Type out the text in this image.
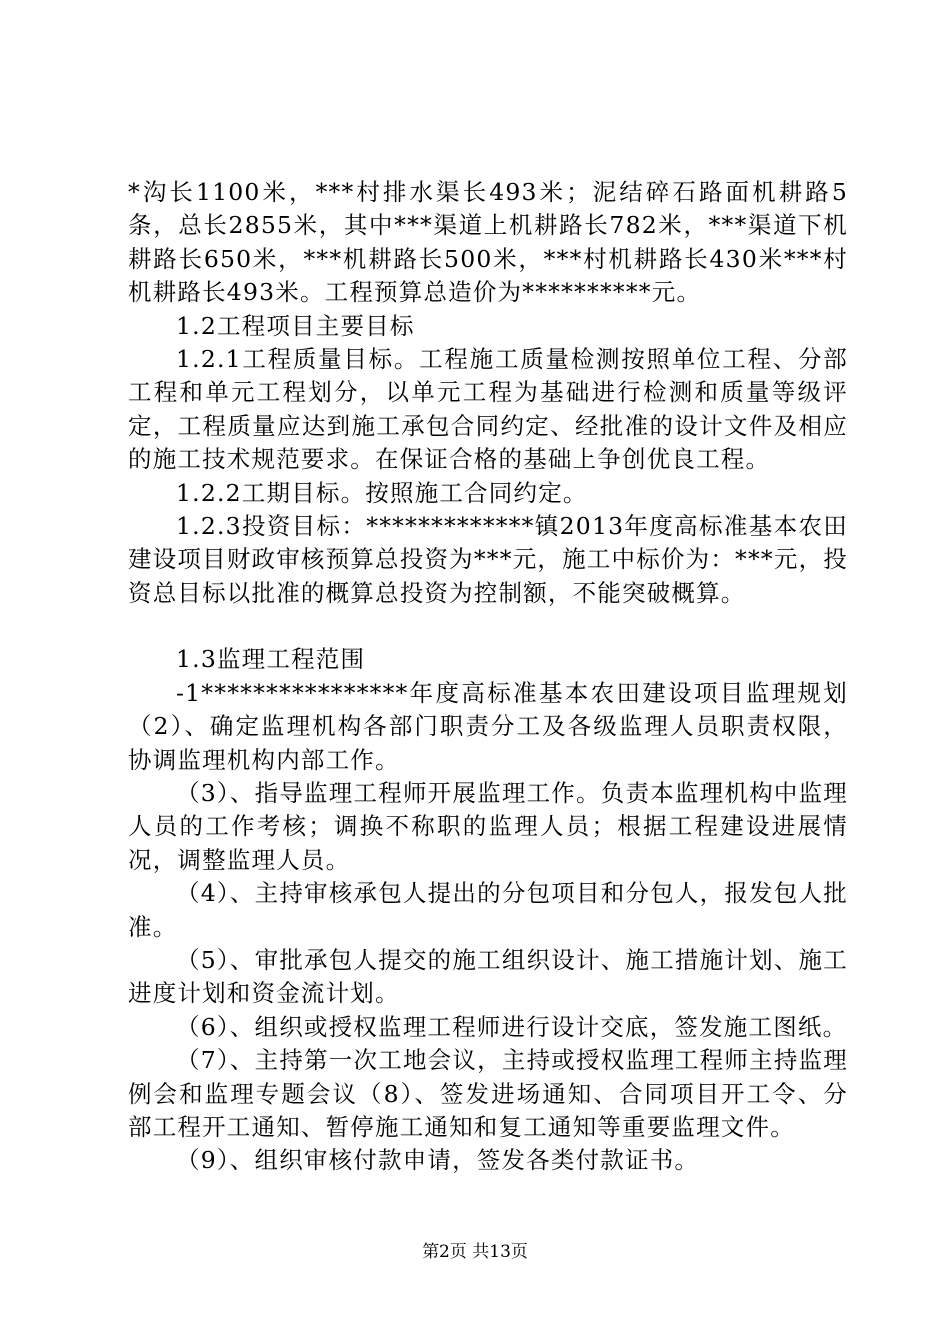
*沟长1100米，***村排水渠长493米；泥结碎石路面机耕路5条，总长2855米，其中***渠道上机耕路长782米，***渠道下机耕路长650米，***机耕路长500米，***村机耕路长430米***村机耕路长493米。工程预算总造价为**********元。

1.2工程项目主要目标

1.2.1工程质量目标。工程施工质量检测按照单位工程、分部工程和单元工程划分，以单元工程为基础进行检测和质量等级评定，工程质量应达到施工承包合同约定、经批准的设计文件及相应的施工技术规范要求。在保证合格的基础上争创优良工程。

1.2.2工期目标。按照施工合同约定。

1.2.3投资目标：*************镇2013年度高标准基本农田建设项目财政审核预算总投资为***元，施工中标价为：***元，投资总目标以批准的概算总投资为控制额，不能突破概算。

1.3监理工程范围

-1****************年度高标准基本农田建设项目监理规划（2）、确定监理机构各部门职责分工及各级监理人员职责权限，协调监理机构内部工作。

（3）、指导监理工程师开展监理工作。负责本监理机构中监理人员的工作考核；调换不称职的监理人员；根据工程建设进展情况，调整监理人员。

（4）、主持审核承包人提出的分包项目和分包人，报发包人批准。

（5）、审批承包人提交的施工组织设计、施工措施计划、施工进度计划和资金流计划。

（6）、组织或授权监理工程师进行设计交底，签发施工图纸。

（7）、主持第一次工地会议，主持或授权监理工程师主持监理例会和监理专题会议（8）、签发进场通知、合同项目开工令、分部工程开工通知、暂停施工通知和复工通知等重要监理文件。

（9）、组织审核付款申请，签发各类付款证书。

第2页 共13页
